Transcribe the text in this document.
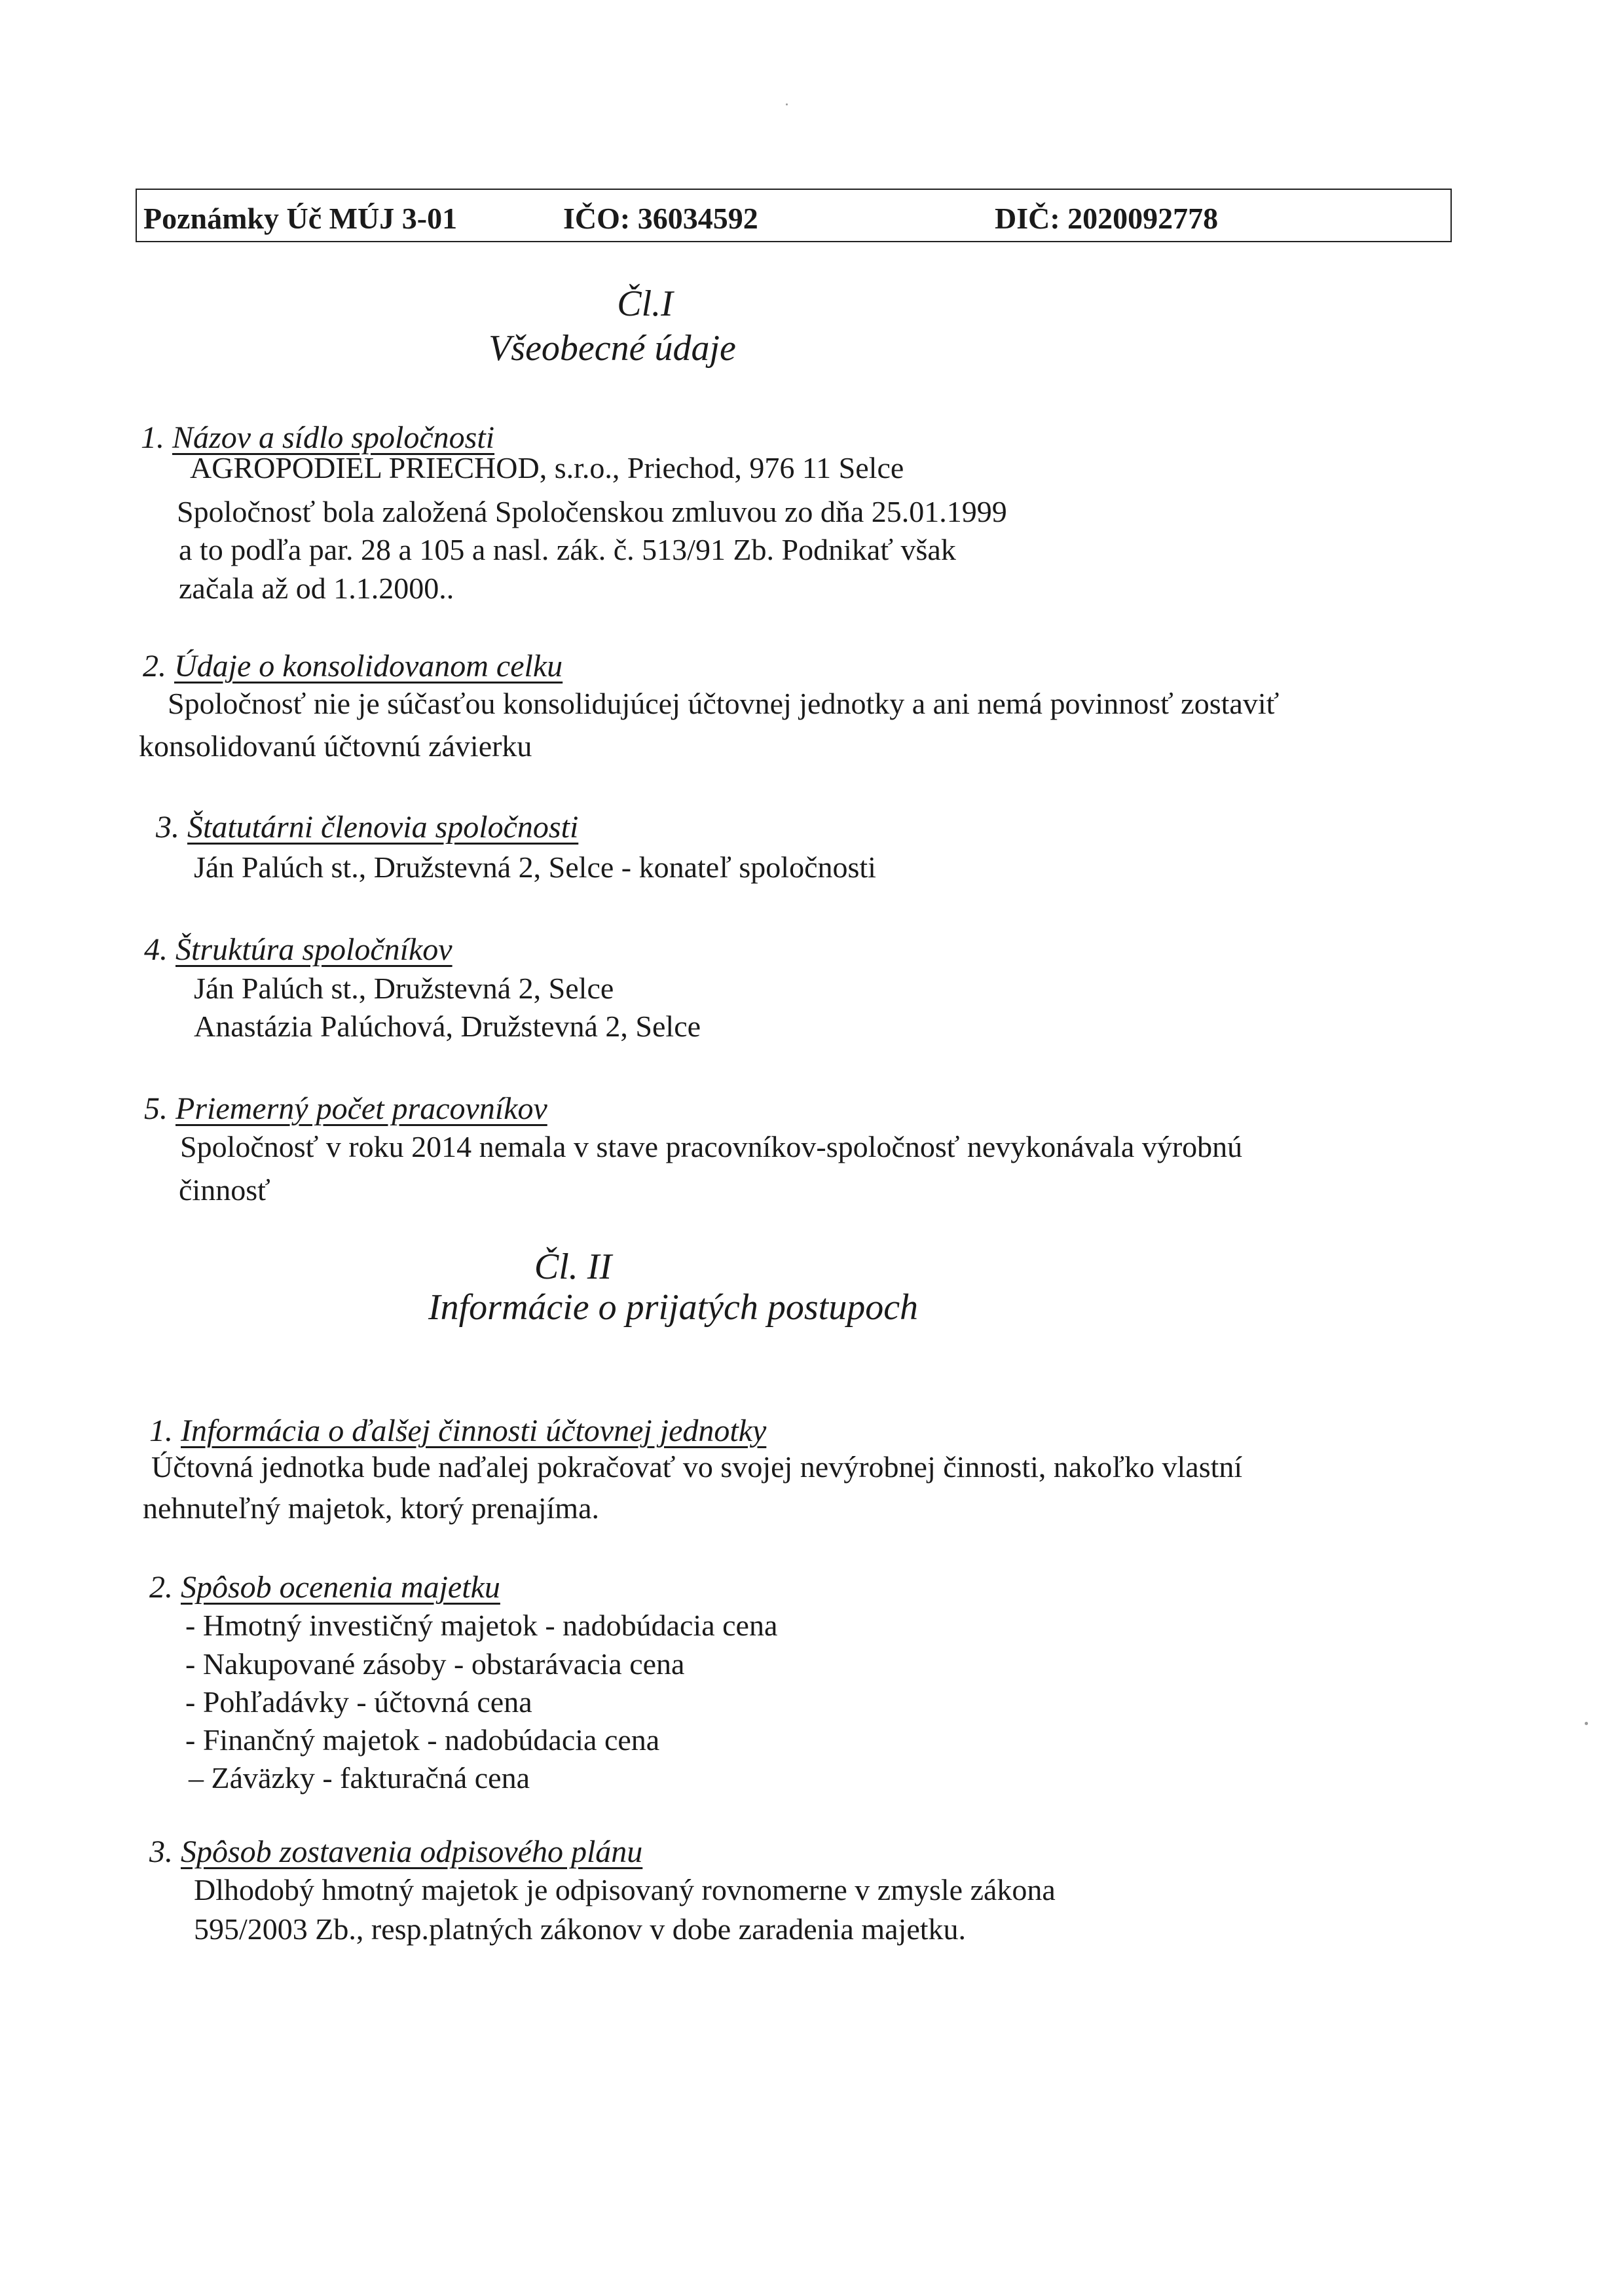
Poznámky Úč MÚJ 3-01	IČO: 36034592	DIČ: 2020092778
Čl.I
Všeobecné údaje
1. Názov a sídlo spoločnosti
AGROPODIEL PRIECHOD, s.r.o., Priechod, 976 11 Selce
Spoločnosť bola založená Spoločenskou zmluvou zo dňa 25.01.1999
a to podľa par. 28 a 105 a nasl. zák. č. 513/91 Zb. Podnikať však
začala až od 1.1.2000..
2. Údaje o konsolidovanom celku
Spoločnosť nie je súčasťou konsolidujúcej účtovnej jednotky a ani nemá povinnosť zostaviť
konsolidovanú účtovnú závierku
3. Štatutárni členovia spoločnosti
Ján Palúch st., Družstevná 2, Selce - konateľ spoločnosti
4. Štruktúra spoločníkov
Ján Palúch st., Družstevná 2, Selce
Anastázia Palúchová, Družstevná 2, Selce
5. Priemerný počet pracovníkov
Spoločnosť v roku 2014 nemala v stave pracovníkov-spoločnosť nevykonávala výrobnú
činnosť
Čl. II
Informácie o prijatých postupoch
1. Informácia o ďalšej činnosti účtovnej jednotky
Účtovná jednotka bude naďalej pokračovať vo svojej nevýrobnej činnosti, nakoľko vlastní
nehnuteľný majetok, ktorý prenajíma.
2. Spôsob ocenenia majetku
- Hmotný investičný majetok - nadobúdacia cena
- Nakupované zásoby - obstarávacia cena
- Pohľadávky - účtovná cena
- Finančný majetok - nadobúdacia cena
– Záväzky - fakturačná cena
3. Spôsob zostavenia odpisového plánu
Dlhodobý hmotný majetok je odpisovaný rovnomerne v zmysle zákona
595/2003 Zb., resp.platných zákonov v dobe zaradenia majetku.
